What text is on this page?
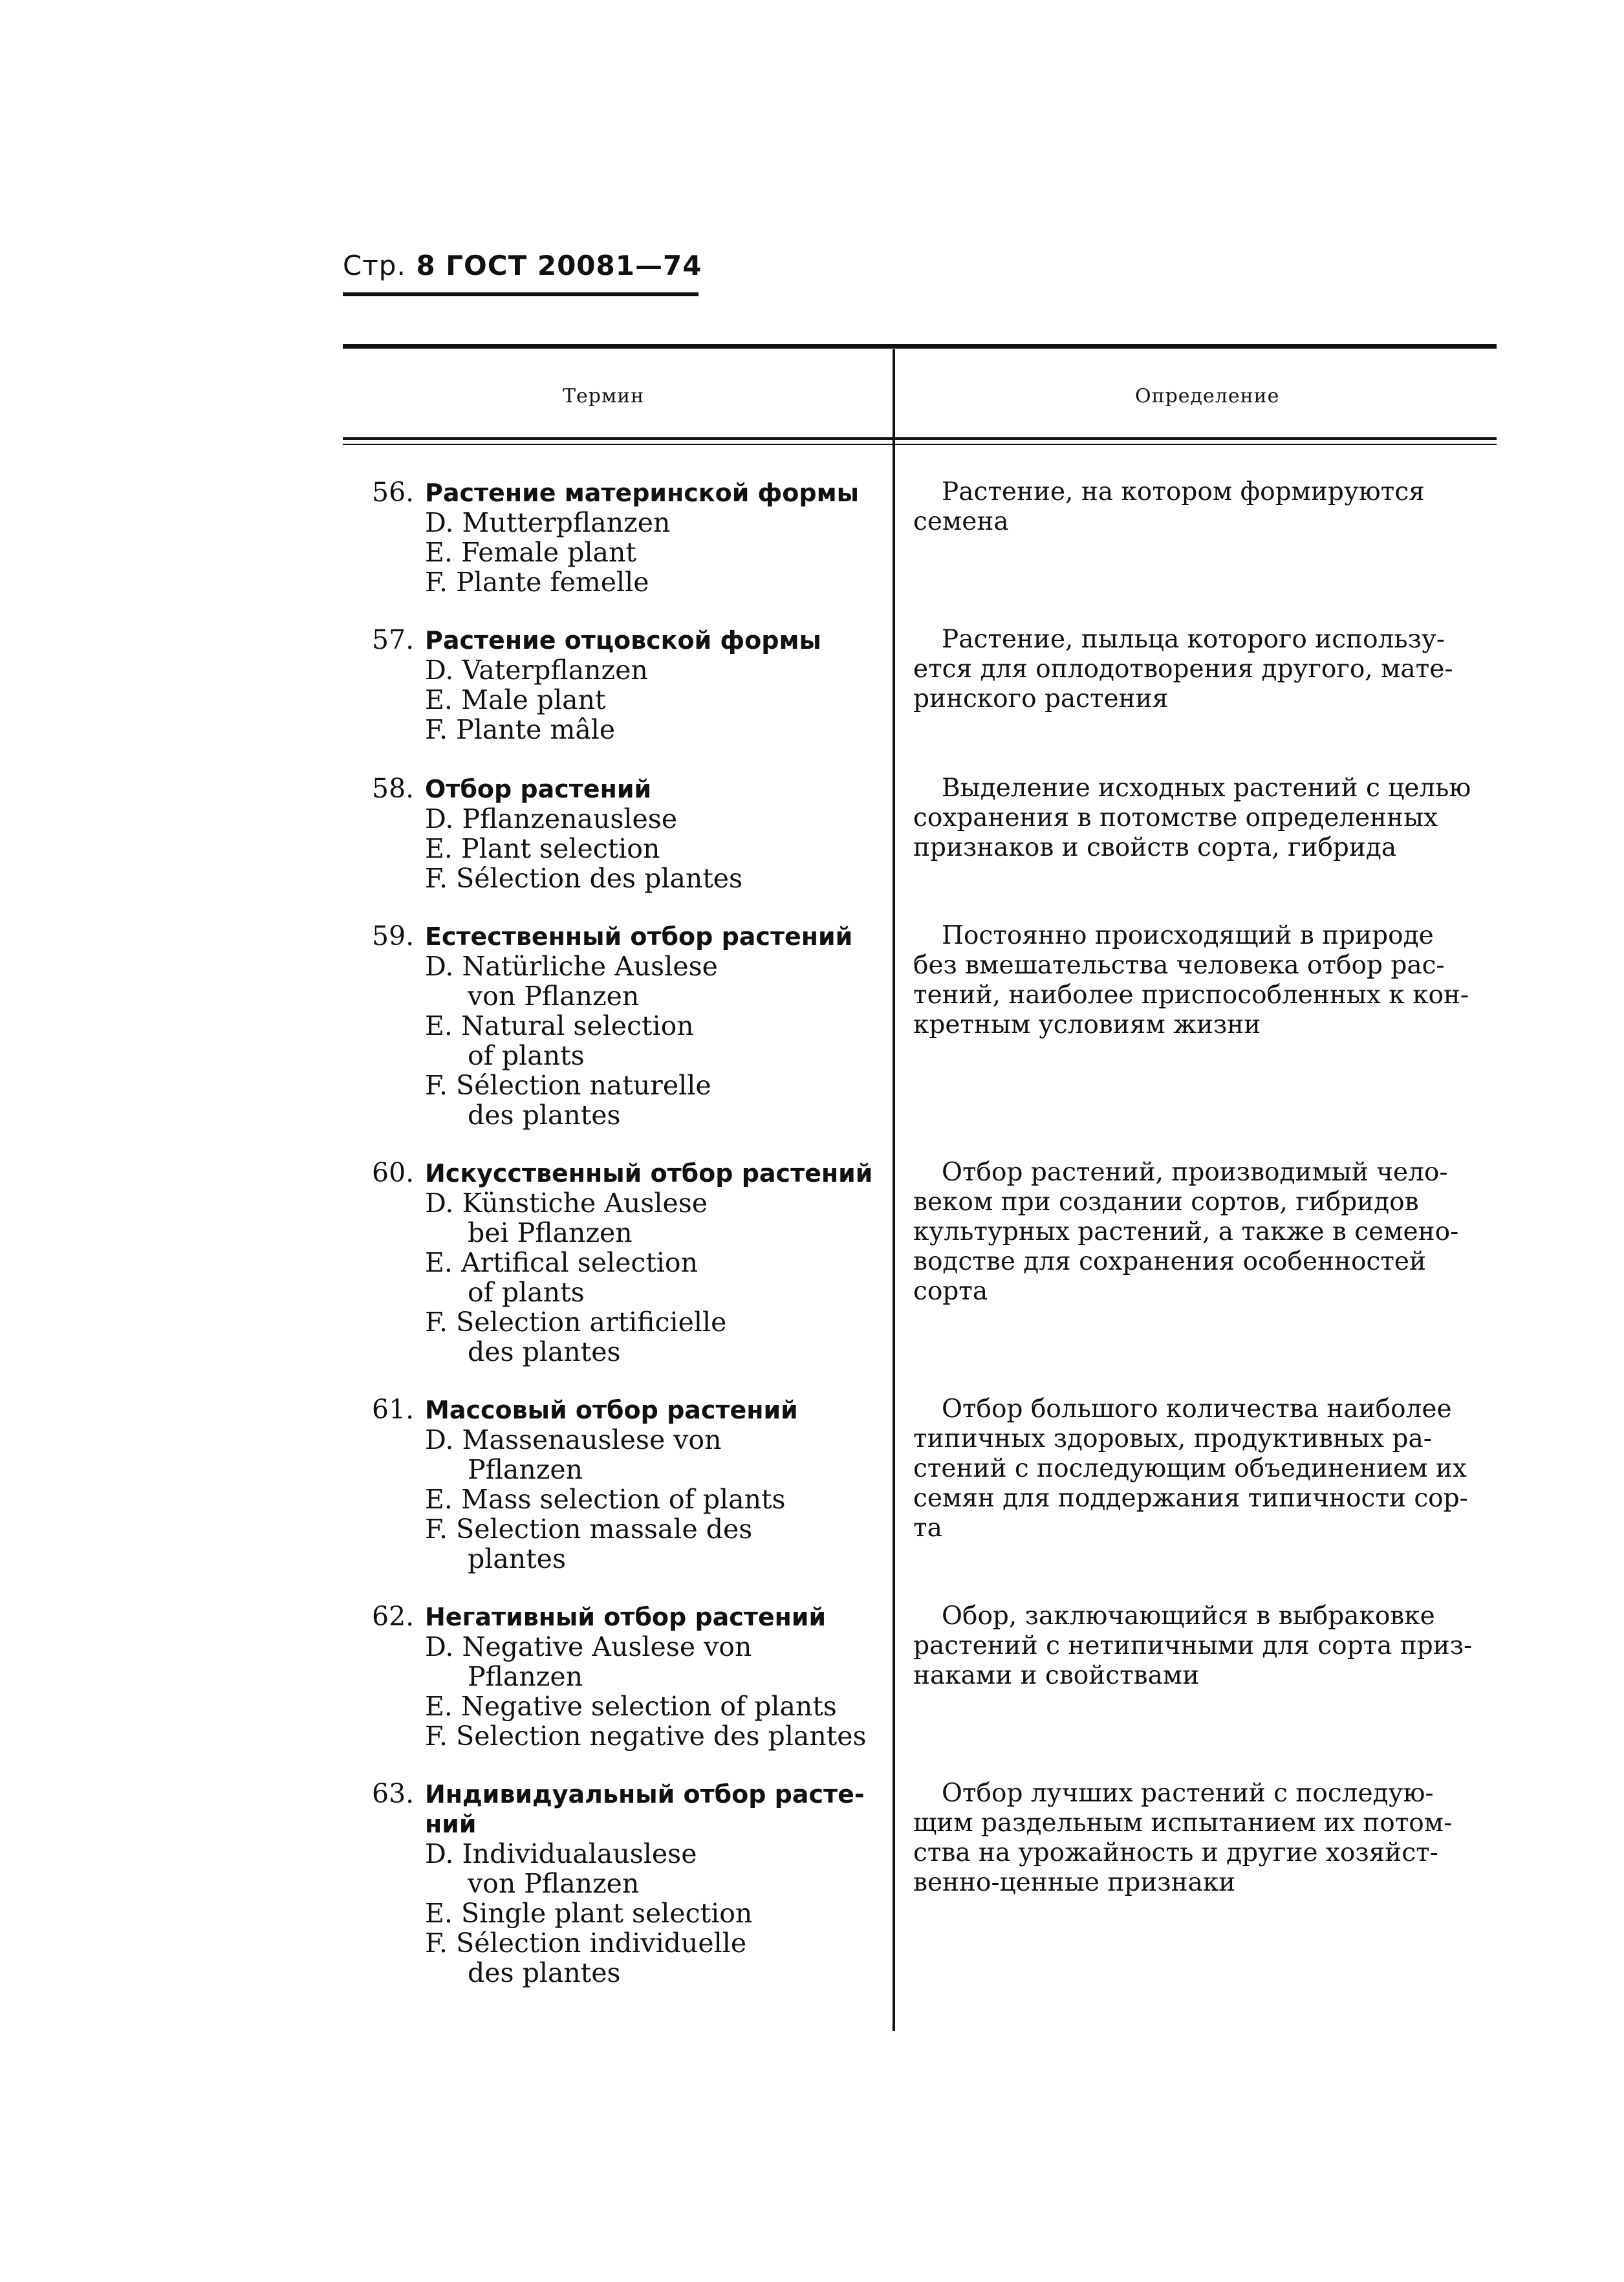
Стр. 8 ГОСТ 20081—74
Термин	Определение
56. Растение материнской формы
D. Mutterpflanzen
E. Female plant
F. Plante femelle

Растение, на котором формируются

семена

57. Растение отцовской формы
D. Vaterpflanzen
E. Male plant
F. Plante mâle

Растение, пыльца которого использу-

ется для оплодотворения другого, мате-

ринского растения

58. Отбор растений
D. Pflanzenauslese
E. Plant selection
F. Sélection des plantes

Выделение исходных растений с целью

сохранения в потомстве определенных

признаков и свойств сорта, гибрида

59. Естественный отбор растений
D. Natürliche Auslese
von Pflanzen
E. Natural selection
of plants
F. Sélection naturelle
des plantes

Постоянно происходящий в природе

без вмешательства человека отбор рас-

тений, наиболее приспособленных к кон-

кретным условиям жизни

60. Искусственный отбор растений
D. Künstiche Auslese
bei Pflanzen
E. Artifical selection
of plants
F. Selection artificielle
des plantes

Отбор растений, производимый чело-

веком при создании сортов, гибридов

культурных растений, а также в семено-

водстве для сохранения особенностей

сорта

61. Массовый отбор растений
D. Massenauslese von
Pflanzen
E. Mass selection of plants
F. Selection massale des
plantes

Отбор большого количества наиболее

типичных здоровых, продуктивных ра-

стений с последующим объединением их

семян для поддержания типичности сор-

та

62. Негативный отбор растений
D. Negative Auslese von
Pflanzen
E. Negative selection of plants
F. Selection negative des plantes

Обор, заключающийся в выбраковке

растений с нетипичными для сорта приз-

наками и свойствами

63. Индивидуальный отбор расте-
ний
D. Individualauslese
von Pflanzen
E. Single plant selection
F. Sélection individuelle
des plantes

Отбор лучших растений с последую-

щим раздельным испытанием их потом-

ства на урожайность и другие хозяйст-

венно-ценные признаки
